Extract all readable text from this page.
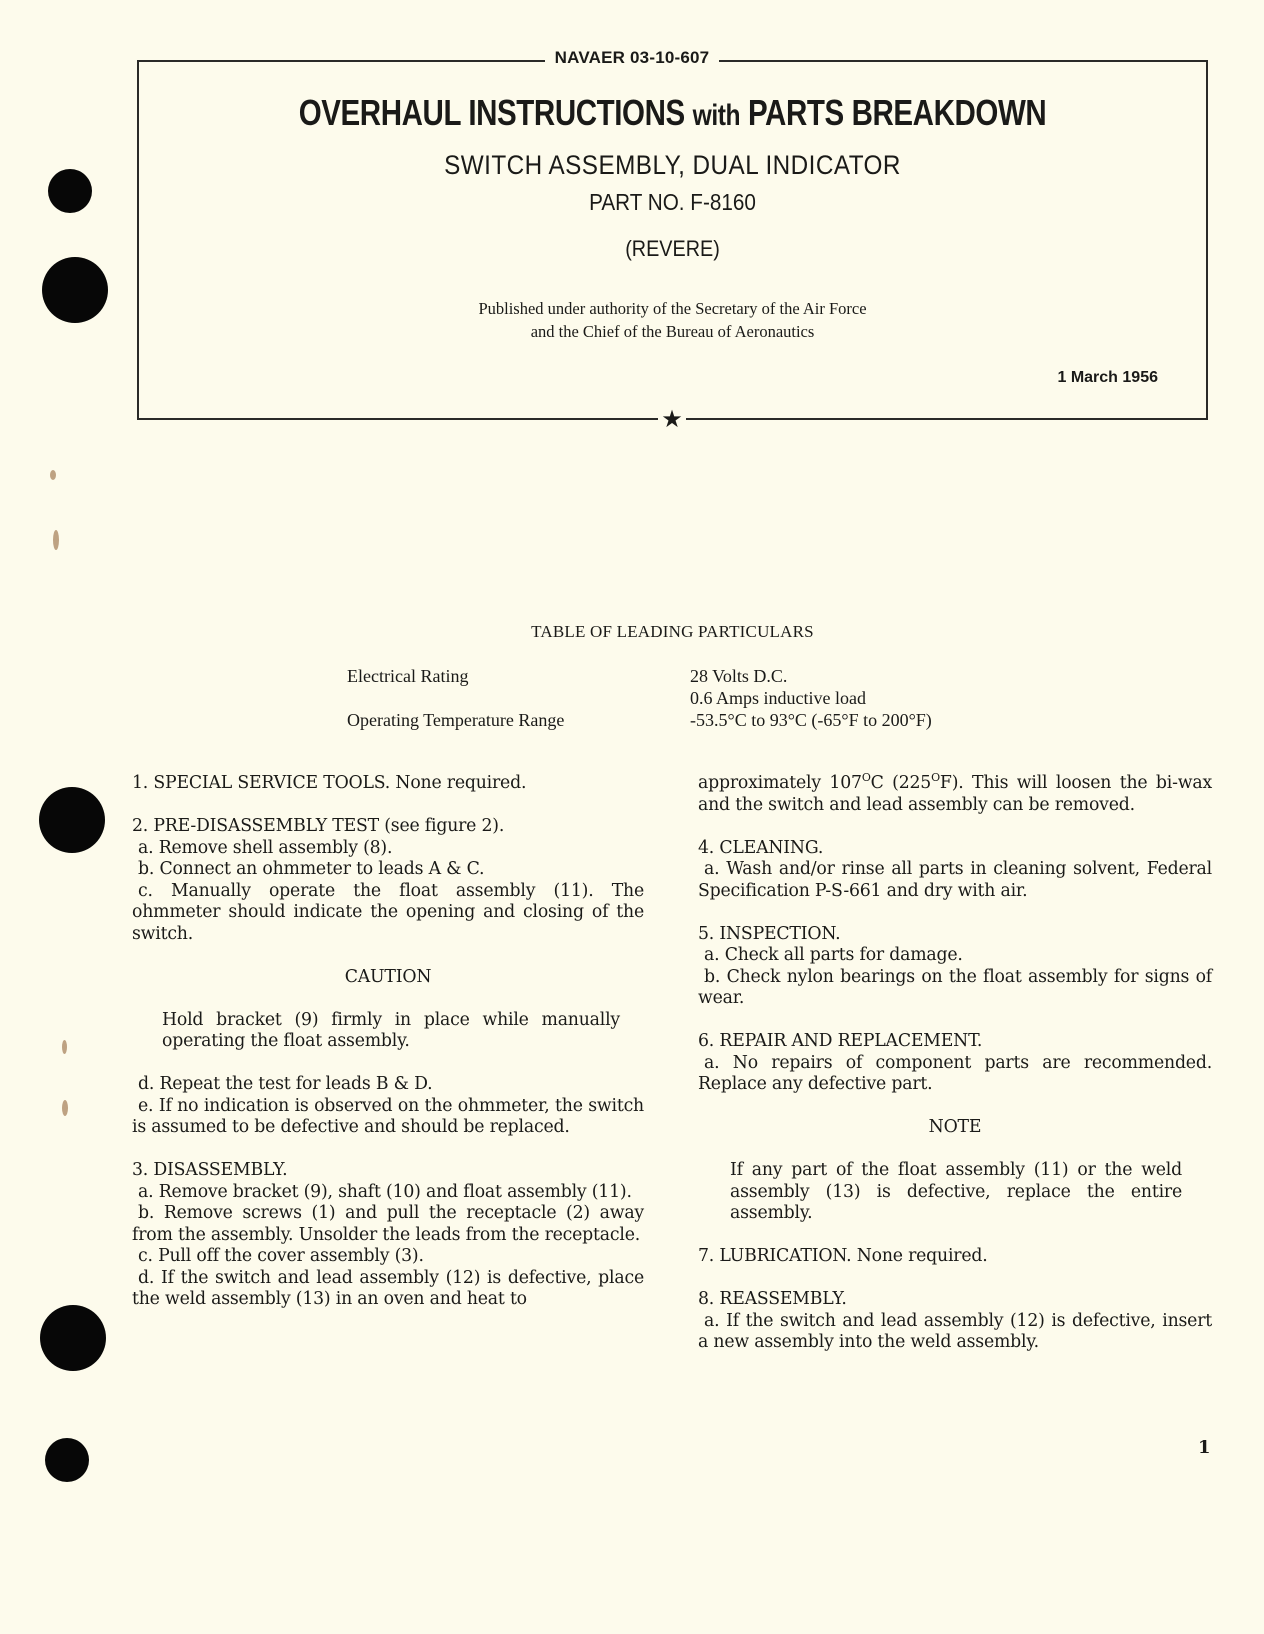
NAVAER 03-10-607
OVERHAUL INSTRUCTIONS with PARTS BREAKDOWN
SWITCH ASSEMBLY, DUAL INDICATOR
PART NO. F-8160
(REVERE)
Published under authority of the Secretary of the Air Force
and the Chief of the Bureau of Aeronautics
1 March 1956
★
TABLE OF LEADING PARTICULARS
Electrical Rating	28 Volts D.C.
0.6 Amps inductive load
Operating Temperature Range	-53.5°C to 93°C (-65°F to 200°F)

1. SPECIAL SERVICE TOOLS. None required.

2. PRE-DISASSEMBLY TEST (see figure 2).

a. Remove shell assembly (8).

b. Connect an ohmmeter to leads A & C.

c. Manually operate the float assembly (11). The ohmmeter should indicate the opening and closing of the switch.

CAUTION

Hold bracket (9) firmly in place while manually operating the float assembly.

d. Repeat the test for leads B & D.

e. If no indication is observed on the ohmmeter, the switch is assumed to be defective and should be replaced.

3. DISASSEMBLY.

a. Remove bracket (9), shaft (10) and float assembly (11).

b. Remove screws (1) and pull the receptacle (2) away from the assembly. Unsolder the leads from the receptacle.

c. Pull off the cover assembly (3).

d. If the switch and lead assembly (12) is defective, place the weld assembly (13) in an oven and heat to

approximately $107^OC$ $(225^OF)$. This will loosen the bi-wax and the switch and lead assembly can be removed.

4. CLEANING.

a. Wash and/or rinse all parts in cleaning solvent, Federal Specification P-S-661 and dry with air.

5. INSPECTION.

a. Check all parts for damage.

b. Check nylon bearings on the float assembly for signs of wear.

6. REPAIR AND REPLACEMENT.

a. No repairs of component parts are recommended. Replace any defective part.

NOTE

If any part of the float assembly (11) or the weld assembly (13) is defective, replace the entire assembly.

7. LUBRICATION. None required.

8. REASSEMBLY.

a. If the switch and lead assembly (12) is defective, insert a new assembly into the weld assembly.

1
